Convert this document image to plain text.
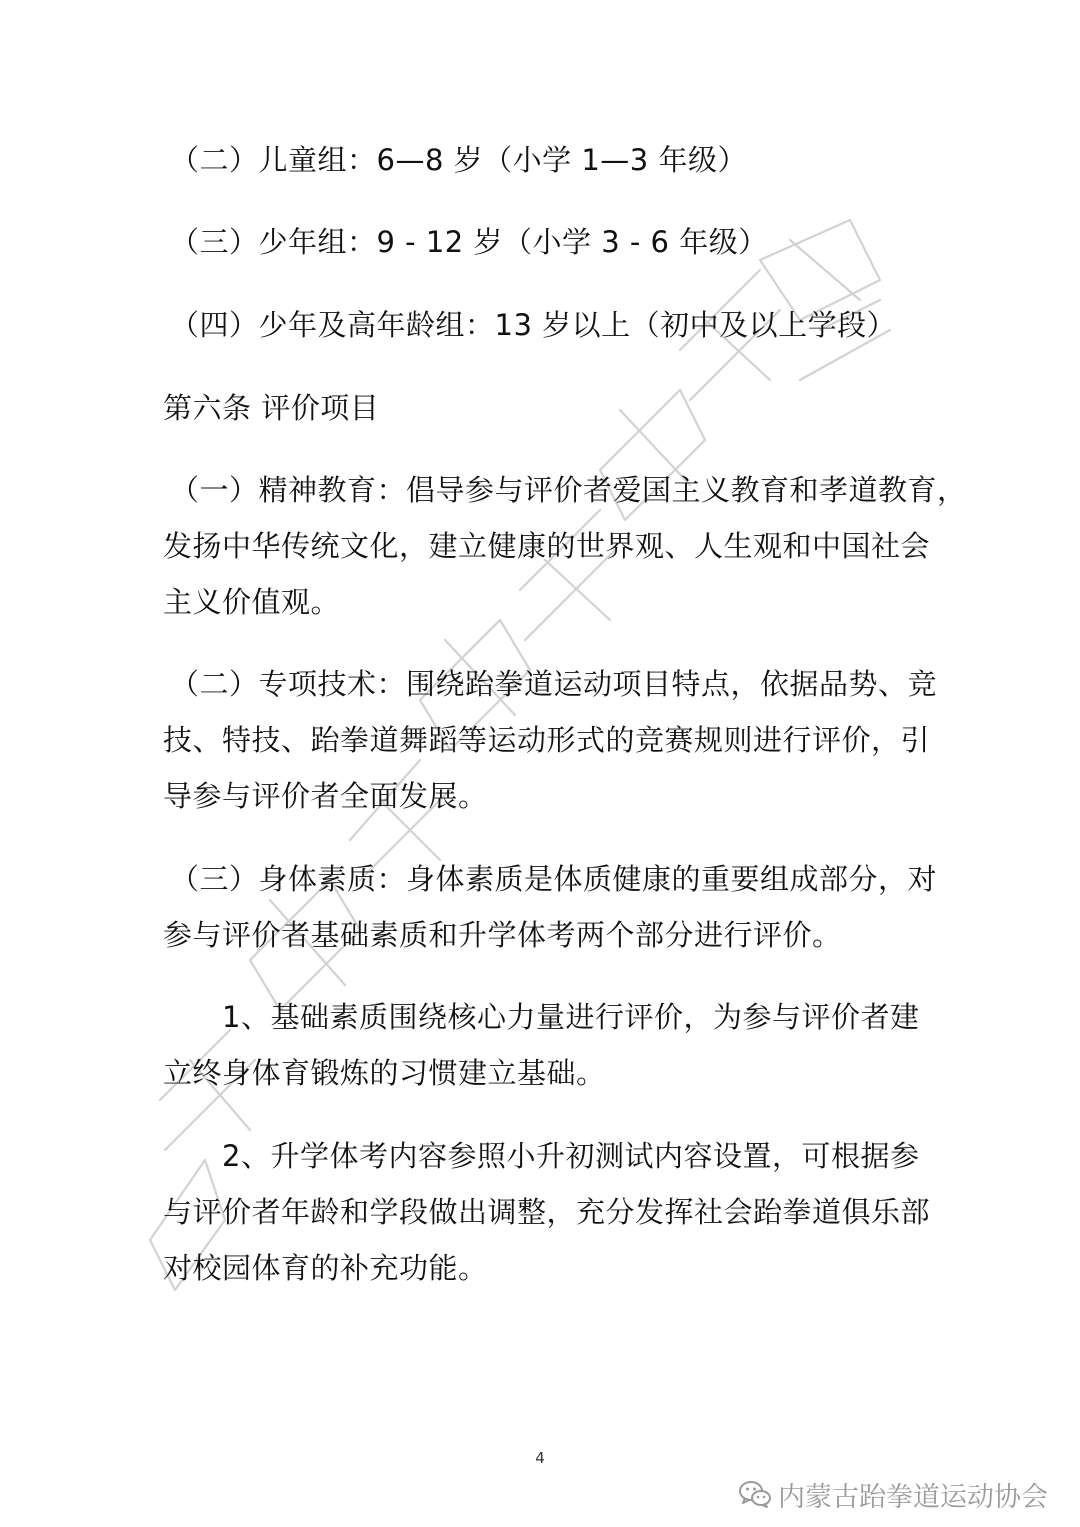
（二）儿童组：6—8 岁（小学 1—3 年级）
（三）少年组：9 - 12 岁（小学 3 - 6 年级）
（四）少年及高年龄组：13 岁以上（初中及以上学段）
第六条 评价项目
（一）精神教育：倡导参与评价者爱国主义教育和孝道教育，
发扬中华传统文化，建立健康的世界观、人生观和中国社会
主义价值观。
（二）专项技术：围绕跆拳道运动项目特点，依据品势、竞
技、特技、跆拳道舞蹈等运动形式的竞赛规则进行评价，引
导参与评价者全面发展。
（三）身体素质：身体素质是体质健康的重要组成部分，对
参与评价者基础素质和升学体考两个部分进行评价。
1、基础素质围绕核心力量进行评价，为参与评价者建
立终身体育锻炼的习惯建立基础。
2、升学体考内容参照小升初测试内容设置，可根据参
与评价者年龄和学段做出调整，充分发挥社会跆拳道俱乐部
对校园体育的补充功能。
4
内蒙古跆拳道运动协会
